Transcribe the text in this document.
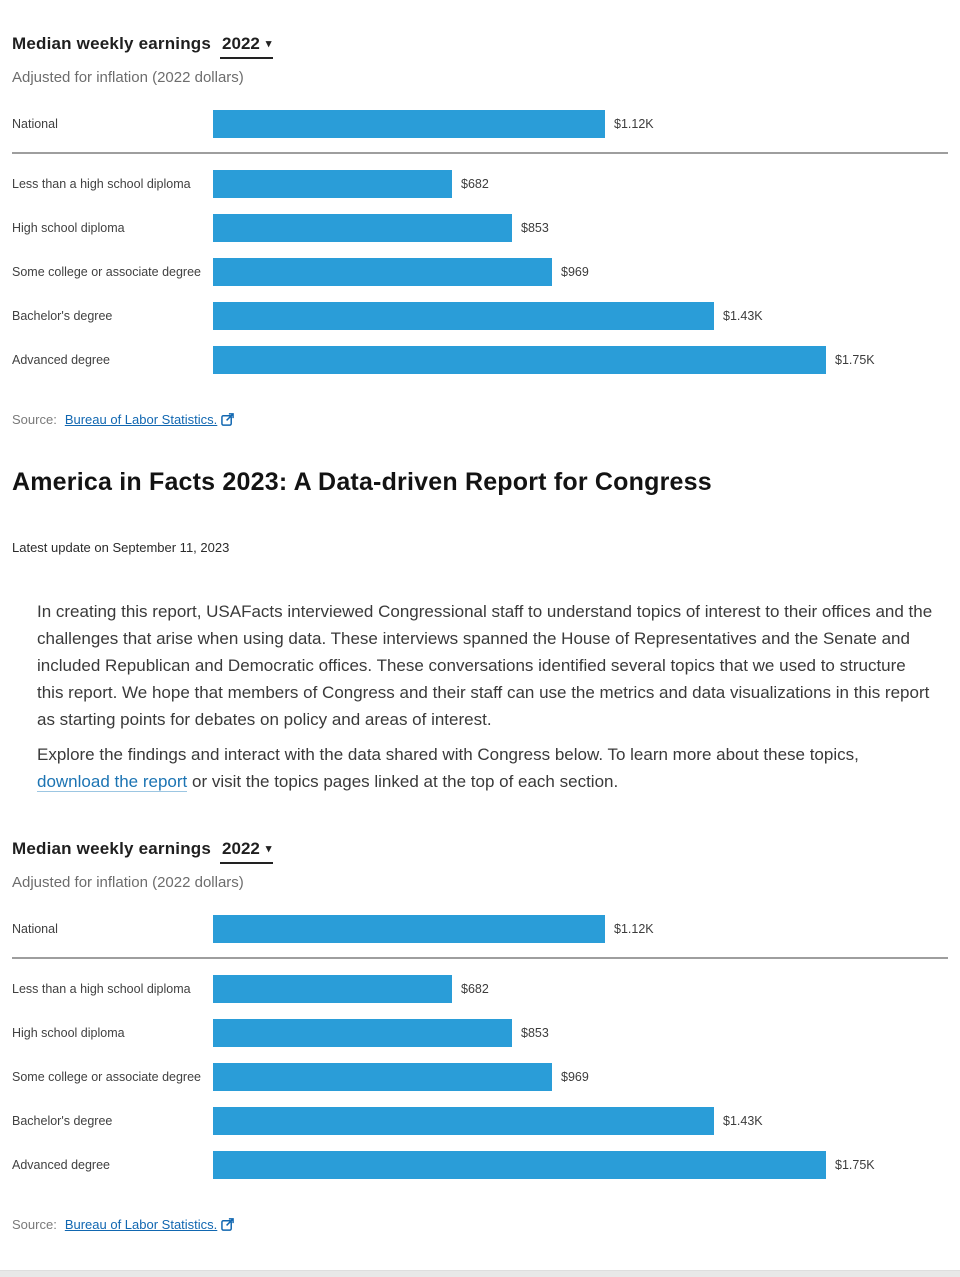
Median weekly earnings 2022 ▾
Adjusted for inflation (2022 dollars)
National	$1.12K
Less than a high school diploma	$682
High school diploma	$853
Some college or associate degree	$969
Bachelor's degree	$1.43K
Advanced degree	$1.75K
Source: Bureau of Labor Statistics.
America in Facts 2023: A Data-driven Report for Congress
Latest update on September 11, 2023

In creating this report, USAFacts interviewed Congressional staff to understand topics of interest to their offices and the challenges that arise when using data. These interviews spanned the House of Representatives and the Senate and included Republican and Democratic offices. These conversations identified several topics that we used to structure this report. We hope that members of Congress and their staff can use the metrics and data visualizations in this report as starting points for debates on policy and areas of interest.

Explore the findings and interact with the data shared with Congress below. To learn more about these topics, download the report or visit the topics pages linked at the top of each section.

Median weekly earnings 2022 ▾
Adjusted for inflation (2022 dollars)
National	$1.12K
Less than a high school diploma	$682
High school diploma	$853
Some college or associate degree	$969
Bachelor's degree	$1.43K
Advanced degree	$1.75K
Source: Bureau of Labor Statistics.
